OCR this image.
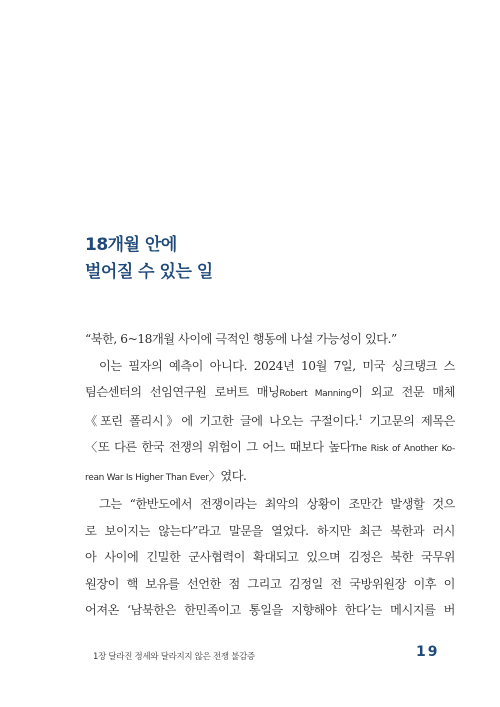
18개월 안에
벌어질 수 있는 일
“북한, 6~18개월 사이에 극적인 행동에 나설 가능성이 있다.”
이는 필자의 예측이 아니다. 2024년 10월 7일, 미국 싱크탱크 스
팀슨센터의 선임연구원 로버트 매닝Robert Manning이 외교 전문 매체
《포린 폴리시》에 기고한 글에 나오는 구절이다.$^1$ 기고문의 제목은
〈또 다른 한국 전쟁의 위험이 그 어느 때보다 높다The Risk of Another Ko-
rean War Is Higher Than Ever〉였다.
그는 “한반도에서 전쟁이라는 최악의 상황이 조만간 발생할 것으
로 보이지는 않는다”라고 말문을 열었다. 하지만 최근 북한과 러시
아 사이에 긴밀한 군사협력이 확대되고 있으며 김정은 북한 국무위
원장이 핵 보유를 선언한 점 그리고 김정일 전 국방위원장 이후 이
어져온 ‘남북한은 한민족이고 통일을 지향해야 한다’는 메시지를 버
1장 달라진 정세와 달라지지 않은 전쟁 불감증	19
